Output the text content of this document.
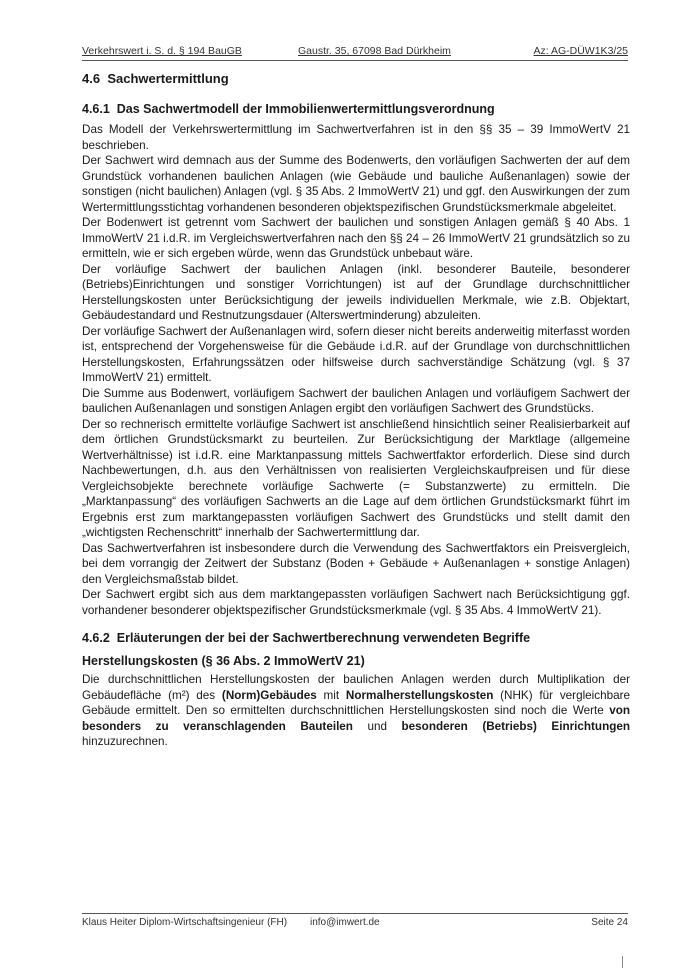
Verkehrswert i. S. d. § 194 BauGB	Gaustr. 35, 67098 Bad Dürkheim	Az: AG-DÜW1K3/25
4.6 Sachwertermittlung
4.6.1 Das Sachwertmodell der Immobilienwertermittlungsverordnung

Das Modell der Verkehrswertermittlung im Sachwertverfahren ist in den §§ 35 – 39 ImmoWertV 21 beschrieben.

Der Sachwert wird demnach aus der Summe des Bodenwerts, den vorläufigen Sachwerten der auf dem Grundstück vorhandenen baulichen Anlagen (wie Gebäude und bauliche Außenanlagen) sowie der sonstigen (nicht baulichen) Anlagen (vgl. § 35 Abs. 2 ImmoWertV 21) und ggf. den Auswirkungen der zum Wertermittlungsstichtag vorhandenen besonderen objektspezifischen Grundstücksmerkmale abgeleitet.

Der Bodenwert ist getrennt vom Sachwert der baulichen und sonstigen Anlagen gemäß § 40 Abs. 1 ImmoWertV 21 i.d.R. im Vergleichswertverfahren nach den §§ 24 – 26 ImmoWertV 21 grundsätzlich so zu ermitteln, wie er sich ergeben würde, wenn das Grundstück unbebaut wäre.

Der vorläufige Sachwert der baulichen Anlagen (inkl. besonderer Bauteile, besonderer (Betriebs)Einrichtungen und sonstiger Vorrichtungen) ist auf der Grundlage durchschnittlicher Herstellungskosten unter Berücksichtigung der jeweils individuellen Merkmale, wie z.B. Objektart, Gebäudestandard und Restnutzungsdauer (Alterswertminderung) abzuleiten.

Der vorläufige Sachwert der Außenanlagen wird, sofern dieser nicht bereits anderweitig miterfasst worden ist, entsprechend der Vorgehensweise für die Gebäude i.d.R. auf der Grundlage von durchschnittlichen Herstellungskosten, Erfahrungssätzen oder hilfsweise durch sachverständige Schätzung (vgl. § 37 ImmoWertV 21) ermittelt.

Die Summe aus Bodenwert, vorläufigem Sachwert der baulichen Anlagen und vorläufigem Sachwert der baulichen Außenanlagen und sonstigen Anlagen ergibt den vorläufigen Sachwert des Grundstücks.

Der so rechnerisch ermittelte vorläufige Sachwert ist anschließend hinsichtlich seiner Realisierbarkeit auf dem örtlichen Grundstücksmarkt zu beurteilen. Zur Berücksichtigung der Marktlage (allgemeine Wertverhältnisse) ist i.d.R. eine Marktanpassung mittels Sachwertfaktor erforderlich. Diese sind durch Nachbewertungen, d.h. aus den Verhältnissen von realisierten Vergleichskaufpreisen und für diese Vergleichsobjekte berechnete vorläufige Sachwerte (= Substanzwerte) zu ermitteln. Die „Marktanpassung“ des vorläufigen Sachwerts an die Lage auf dem örtlichen Grundstücksmarkt führt im Ergebnis erst zum marktangepassten vorläufigen Sachwert des Grundstücks und stellt damit den „wichtigsten Rechenschritt“ innerhalb der Sachwertermittlung dar.

Das Sachwertverfahren ist insbesondere durch die Verwendung des Sachwertfaktors ein Preisvergleich, bei dem vorrangig der Zeitwert der Substanz (Boden + Gebäude + Außenanlagen + sonstige Anlagen) den Vergleichsmaßstab bildet.

Der Sachwert ergibt sich aus dem marktangepassten vorläufigen Sachwert nach Berücksichtigung ggf. vorhandener besonderer objektspezifischer Grundstücksmerkmale (vgl. § 35 Abs. 4 ImmoWertV 21).

4.6.2 Erläuterungen der bei der Sachwertberechnung verwendeten Begriffe
Herstellungskosten (§ 36 Abs. 2 ImmoWertV 21)

Die durchschnittlichen Herstellungskosten der baulichen Anlagen werden durch Multiplikation der Gebäudefläche (m²) des (Norm)Gebäudes mit Normalherstellungskosten (NHK) für vergleichbare Gebäude ermittelt. Den so ermittelten durchschnittlichen Herstellungskosten sind noch die Werte von besonders zu veranschlagenden Bauteilen und besonderen (Betriebs) Einrichtungen hinzuzurechnen.

Klaus Heiter Diplom-Wirtschaftsingenieur (FH) info@imwert.de	Seite 24
